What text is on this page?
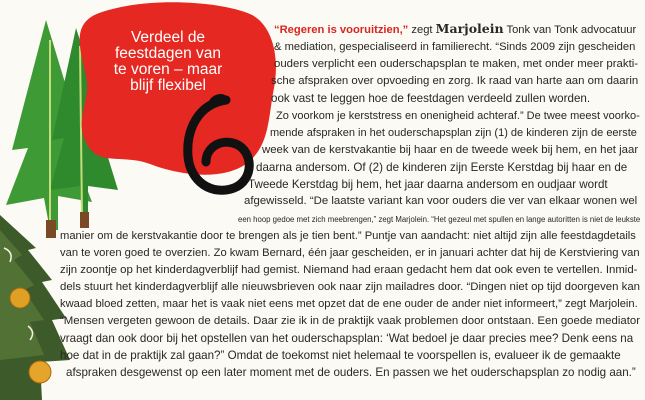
Verdeel de
feestdagen van
te voren – maar
blijf flexibel
“Regeren is vooruitzien,” zegt Marjolein Tonk van Tonk advocatuur
& mediation, gespecialiseerd in familierecht. “Sinds 2009 zijn gescheiden
ouders verplicht een ouderschapsplan te maken, met onder meer prakti-
sche afspraken over opvoeding en zorg. Ik raad van harte aan om daarin
ook vast te leggen hoe de feestdagen verdeeld zullen worden.
Zo voorkom je kerststress en onenigheid achteraf.” De twee meest voorko-
mende afspraken in het ouderschapsplan zijn (1) de kinderen zijn de eerste
week van de kerstvakantie bij haar en de tweede week bij hem, en het jaar
daarna andersom. Of (2) de kinderen zijn Eerste Kerstdag bij haar en de
Tweede Kerstdag bij hem, het jaar daarna andersom en oudjaar wordt
afgewisseld. “De laatste variant kan voor ouders die ver van elkaar wonen wel
een hoop gedoe met zich meebrengen,” zegt Marjolein. “Het gezeul met spullen en lange autoritten is niet de leukste
manier om de kerstvakantie door te brengen als je tien bent.” Puntje van aandacht: niet altijd zijn alle feestdagdetails
van te voren goed te overzien. Zo kwam Bernard, één jaar gescheiden, er in januari achter dat hij de Kerstviering van
zijn zoontje op het kinderdagverblijf had gemist. Niemand had eraan gedacht hem dat ook even te vertellen. Inmid-
dels stuurt het kinderdagverblijf alle nieuwsbrieven ook naar zijn mailadres door. “Dingen niet op tijd doorgeven kan
kwaad bloed zetten, maar het is vaak niet eens met opzet dat de ene ouder de ander niet informeert,” zegt Marjolein.
“Mensen vergeten gewoon de details. Daar zie ik in de praktijk vaak problemen door ontstaan. Een goede mediator
vraagt dan ook door bij het opstellen van het ouderschapsplan: ‘Wat bedoel je daar precies mee? Denk eens na
hoe dat in de praktijk zal gaan?” Omdat de toekomst niet helemaal te voorspellen is, evalueer ik de gemaakte
afspraken desgewenst op een later moment met de ouders. En passen we het ouderschapsplan zo nodig aan.”
